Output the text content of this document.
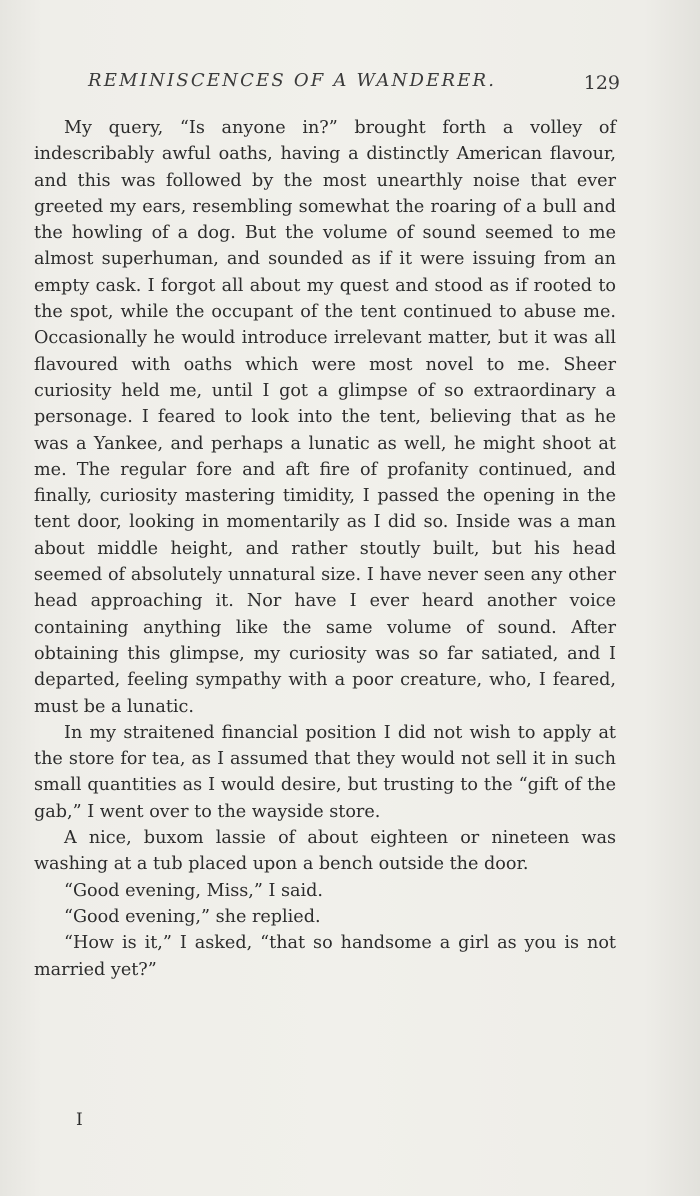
REMINISCENCES OF A WANDERER.	129

My query, “Is anyone in?” brought forth a volley of indescribably awful oaths, having a distinctly American flavour, and this was followed by the most unearthly noise that ever greeted my ears, resembling somewhat the roaring of a bull and the howling of a dog. But the volume of sound seemed to me almost superhuman, and sounded as if it were issuing from an empty cask. I forgot all about my quest and stood as if rooted to the spot, while the occupant of the tent continued to abuse me. Occasionally he would introduce irrelevant matter, but it was all flavoured with oaths which were most novel to me. Sheer curiosity held me, until I got a glimpse of so extraordinary a personage. I feared to look into the tent, believing that as he was a Yankee, and perhaps a lunatic as well, he might shoot at me. The regular fore and aft fire of profanity continued, and finally, curiosity mastering timidity, I passed the opening in the tent door, looking in momentarily as I did so. Inside was a man about middle height, and rather stoutly built, but his head seemed of absolutely unnatural size. I have never seen any other head approaching it. Nor have I ever heard another voice containing anything like the same volume of sound. After obtaining this glimpse, my curiosity was so far satiated, and I departed, feeling sympathy with a poor creature, who, I feared, must be a lunatic.

In my straitened financial position I did not wish to apply at the store for tea, as I assumed that they would not sell it in such small quantities as I would desire, but trusting to the “gift of the gab,” I went over to the wayside store.

A nice, buxom lassie of about eighteen or nineteen was washing at a tub placed upon a bench outside the door.

“Good evening, Miss,” I said.

“Good evening,” she replied.

“How is it,” I asked, “that so handsome a girl as you is not married yet?”

I
